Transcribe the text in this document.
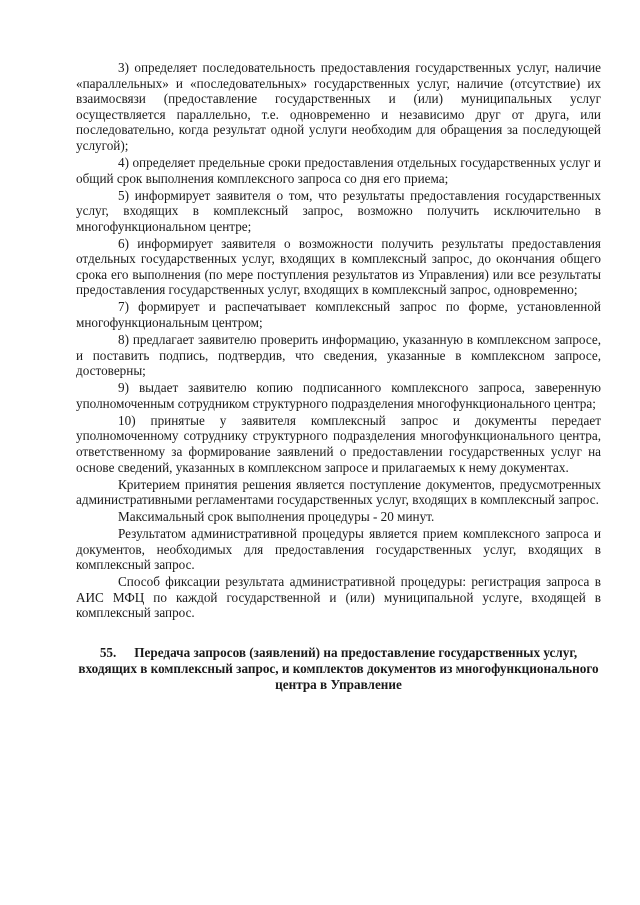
3) определяет последовательность предоставления государственных услуг, наличие «параллельных» и «последовательных» государственных услуг, наличие (отсутствие) их взаимосвязи (предоставление государственных и (или) муниципальных услуг осуществляется параллельно, т.е. одновременно и независимо друг от друга, или последовательно, когда результат одной услуги необходим для обращения за последующей услугой);

4) определяет предельные сроки предоставления отдельных государственных услуг и общий срок выполнения комплексного запроса со дня его приема;

5) информирует заявителя о том, что результаты предоставления государственных услуг, входящих в комплексный запрос, возможно получить исключительно в многофункциональном центре;

6) информирует заявителя о возможности получить результаты предоставления отдельных государственных услуг, входящих в комплексный запрос, до окончания общего срока его выполнения (по мере поступления результатов из Управления) или все результаты предоставления государственных услуг, входящих в комплексный запрос, одновременно;

7) формирует и распечатывает комплексный запрос по форме, установленной многофункциональным центром;

8) предлагает заявителю проверить информацию, указанную в комплексном запросе, и поставить подпись, подтвердив, что сведения, указанные в комплексном запросе, достоверны;

9) выдает заявителю копию подписанного комплексного запроса, заверенную уполномоченным сотрудником структурного подразделения многофункционального центра;

10) принятые у заявителя комплексный запрос и документы передает уполномоченному сотруднику структурного подразделения многофункционального центра, ответственному за формирование заявлений о предоставлении государственных услуг на основе сведений, указанных в комплексном запросе и прилагаемых к нему документах.

Критерием принятия решения является поступление документов, предусмотренных административными регламентами государственных услуг, входящих в комплексный запрос.

Максимальный срок выполнения процедуры - 20 минут.

Результатом административной процедуры является прием комплексного запроса и документов, необходимых для предоставления государственных услуг, входящих в комплексный запрос.

Способ фиксации результата административной процедуры: регистрация запроса в АИС МФЦ по каждой государственной и (или) муниципальной услуге, входящей в комплексный запрос.

55. Передача запросов (заявлений) на предоставление государственных услуг, входящих в комплексный запрос, и комплектов документов из многофункционального центра в Управление
